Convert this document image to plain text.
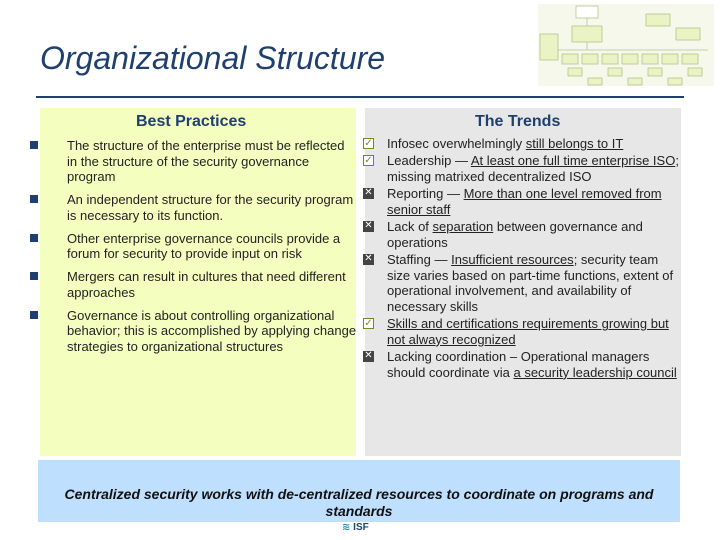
Organizational Structure
Best Practices	The Trends
The structure of the enterprise must be reflected in the structure of the security governance program
An independent structure for the security program is necessary to its function.
Other enterprise governance councils provide a forum for security to provide input on risk
Mergers can result in cultures that need different approaches
Governance is about controlling organizational behavior; this is accomplished by applying change strategies to organizational structures
✓ Infosec overwhelmingly still belongs to IT
✓ Leadership — At least one full time enterprise ISO; missing matrixed decentralized ISO
✕ Reporting — More than one level removed from senior staff
✕ Lack of separation between governance and operations
✕ Staffing — Insufficient resources; security team size varies based on part-time functions, extent of operational involvement, and availability of necessary skills
✓ Skills and certifications requirements growing but not always recognized
✕ Lacking coordination – Operational managers should coordinate via a security leadership council
Centralized security works with de-centralized resources to coordinate on programs and standards
≋ ISF
